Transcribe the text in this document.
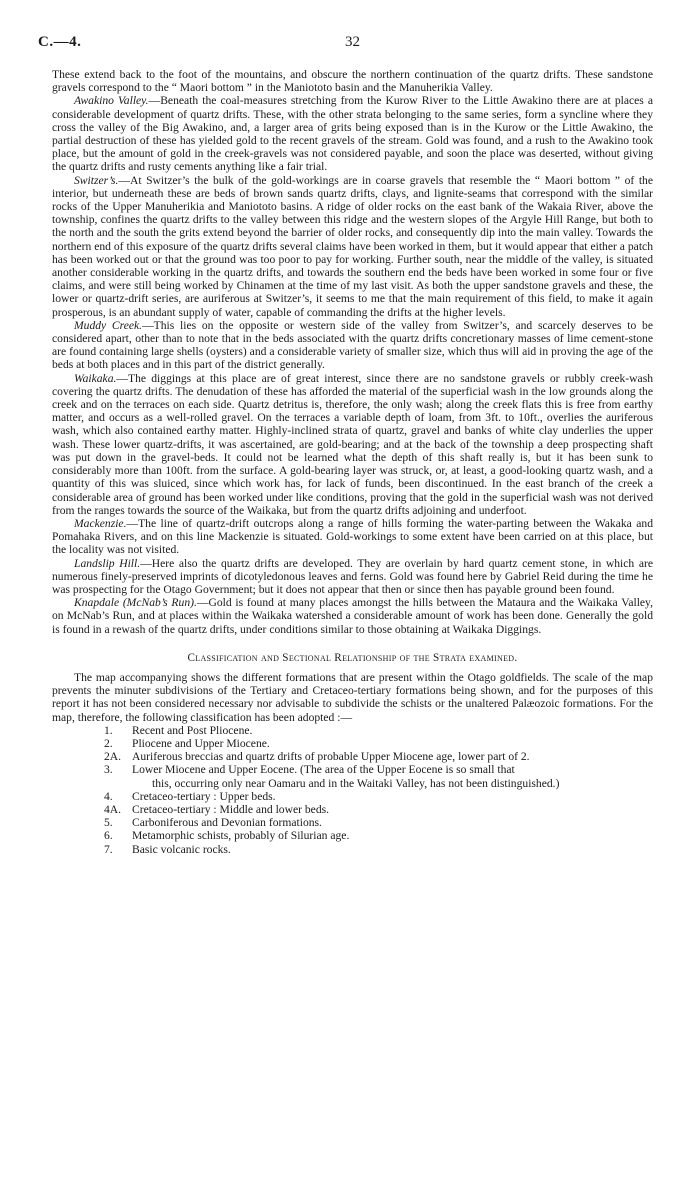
C.—4.	32

These extend back to the foot of the mountains, and obscure the northern continuation of the quartz drifts. These sandstone gravels correspond to the “ Maori bottom ” in the Maniototo basin and the Manuherikia Valley.

Awakino Valley.—Beneath the coal-measures stretching from the Kurow River to the Little Awakino there are at places a considerable development of quartz drifts. These, with the other strata belonging to the same series, form a syncline where they cross the valley of the Big Awakino, and, a larger area of grits being exposed than is in the Kurow or the Little Awakino, the partial destruction of these has yielded gold to the recent gravels of the stream. Gold was found, and a rush to the Awakino took place, but the amount of gold in the creek-gravels was not considered payable, and soon the place was deserted, without giving the quartz drifts and rusty cements anything like a fair trial.

Switzer’s.—At Switzer’s the bulk of the gold-workings are in coarse gravels that resemble the “ Maori bottom ” of the interior, but underneath these are beds of brown sands quartz drifts, clays, and lignite-seams that correspond with the similar rocks of the Upper Manuherikia and Maniototo basins. A ridge of older rocks on the east bank of the Wakaia River, above the township, confines the quartz drifts to the valley between this ridge and the western slopes of the Argyle Hill Range, but both to the north and the south the grits extend beyond the barrier of older rocks, and consequently dip into the main valley. Towards the northern end of this exposure of the quartz drifts several claims have been worked in them, but it would appear that either a patch has been worked out or that the ground was too poor to pay for working. Further south, near the middle of the valley, is situated another considerable working in the quartz drifts, and towards the southern end the beds have been worked in some four or five claims, and were still being worked by Chinamen at the time of my last visit. As both the upper sandstone gravels and these, the lower or quartz-drift series, are auriferous at Switzer’s, it seems to me that the main requirement of this field, to make it again prosperous, is an abundant supply of water, capable of commanding the drifts at the higher levels.

Muddy Creek.—This lies on the opposite or western side of the valley from Switzer’s, and scarcely deserves to be considered apart, other than to note that in the beds associated with the quartz drifts concretionary masses of lime cement-stone are found containing large shells (oysters) and a considerable variety of smaller size, which thus will aid in proving the age of the beds at both places and in this part of the district generally.

Waikaka.—The diggings at this place are of great interest, since there are no sandstone gravels or rubbly creek-wash covering the quartz drifts. The denudation of these has afforded the material of the superficial wash in the low grounds along the creek and on the terraces on each side. Quartz detritus is, therefore, the only wash; along the creek flats this is free from earthy matter, and occurs as a well-rolled gravel. On the terraces a variable depth of loam, from 3ft. to 10ft., overlies the auriferous wash, which also contained earthy matter. Highly-inclined strata of quartz, gravel and banks of white clay underlies the upper wash. These lower quartz-drifts, it was ascertained, are gold-bearing; and at the back of the township a deep prospecting shaft was put down in the gravel-beds. It could not be learned what the depth of this shaft really is, but it has been sunk to considerably more than 100ft. from the surface. A gold-bearing layer was struck, or, at least, a good-looking quartz wash, and a quantity of this was sluiced, since which work has, for lack of funds, been discontinued. In the east branch of the creek a considerable area of ground has been worked under like conditions, proving that the gold in the superficial wash was not derived from the ranges towards the source of the Waikaka, but from the quartz drifts adjoining and underfoot.

Mackenzie.—The line of quartz-drift outcrops along a range of hills forming the water-parting between the Wakaka and Pomahaka Rivers, and on this line Mackenzie is situated. Gold-workings to some extent have been carried on at this place, but the locality was not visited.

Landslip Hill.—Here also the quartz drifts are developed. They are overlain by hard quartz cement stone, in which are numerous finely-preserved imprints of dicotyledonous leaves and ferns. Gold was found here by Gabriel Reid during the time he was prospecting for the Otago Government; but it does not appear that then or since then has payable ground been found.

Knapdale (McNab’s Run).—Gold is found at many places amongst the hills between the Mataura and the Waikaka Valley, on McNab’s Run, and at places within the Waikaka watershed a considerable amount of work has been done. Generally the gold is found in a rewash of the quartz drifts, under conditions similar to those obtaining at Waikaka Diggings.

Classification and Sectional Relationship of the Strata examined.

The map accompanying shows the different formations that are present within the Otago goldfields. The scale of the map prevents the minuter subdivisions of the Tertiary and Cretaceo-tertiary formations being shown, and for the purposes of this report it has not been considered necessary nor advisable to subdivide the schists or the unaltered Palæozoic formations. For the map, therefore, the following classification has been adopted :—

1. Recent and Post Pliocene.
2. Pliocene and Upper Miocene.
2A. Auriferous breccias and quartz drifts of probable Upper Miocene age, lower part of 2.
3. Lower Miocene and Upper Eocene. (The area of the Upper Eocene is so small that
this, occurring only near Oamaru and in the Waitaki Valley, has not been distinguished.)
4. Cretaceo-tertiary : Upper beds.
4A. Cretaceo-tertiary : Middle and lower beds.
5. Carboniferous and Devonian formations.
6. Metamorphic schists, probably of Silurian age.
7. Basic volcanic rocks.
